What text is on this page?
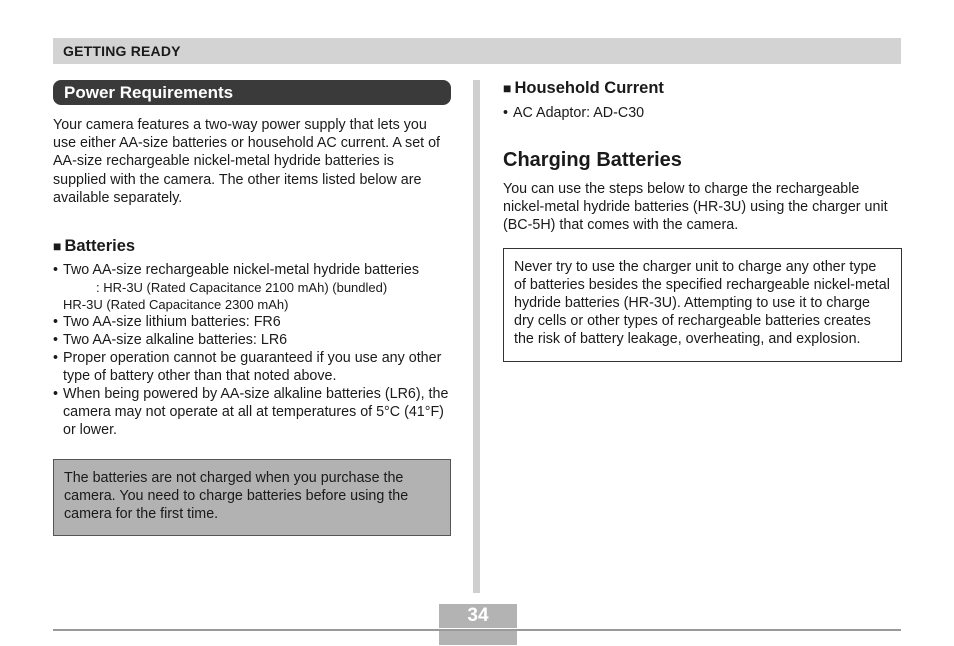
GETTING READY
Power Requirements

Your camera features a two-way power supply that lets you use either AA-size batteries or household AC current. A set of AA-size rechargeable nickel-metal hydride batteries is supplied with the camera. The other items listed below are available separately.

■ Batteries
• Two AA-size rechargeable nickel-metal hydride batteries
: HR-3U (Rated Capacitance 2100 mAh) (bundled)
HR-3U (Rated Capacitance 2300 mAh)
• Two AA-size lithium batteries: FR6
• Two AA-size alkaline batteries: LR6
• Proper operation cannot be guaranteed if you use any other type of battery other than that noted above.
• When being powered by AA-size alkaline batteries (LR6), the camera may not operate at all at temperatures of 5°C (41°F) or lower.
The batteries are not charged when you purchase the camera. You need to charge batteries before using the camera for the first time.
■ Household Current
• AC Adaptor: AD-C30
Charging Batteries

You can use the steps below to charge the rechargeable nickel-metal hydride batteries (HR-3U) using the charger unit (BC-5H) that comes with the camera.

Never try to use the charger unit to charge any other type of batteries besides the specified rechargeable nickel-metal hydride batteries (HR-3U). Attempting to use it to charge dry cells or other types of rechargeable batteries creates the risk of battery leakage, overheating, and explosion.
34
